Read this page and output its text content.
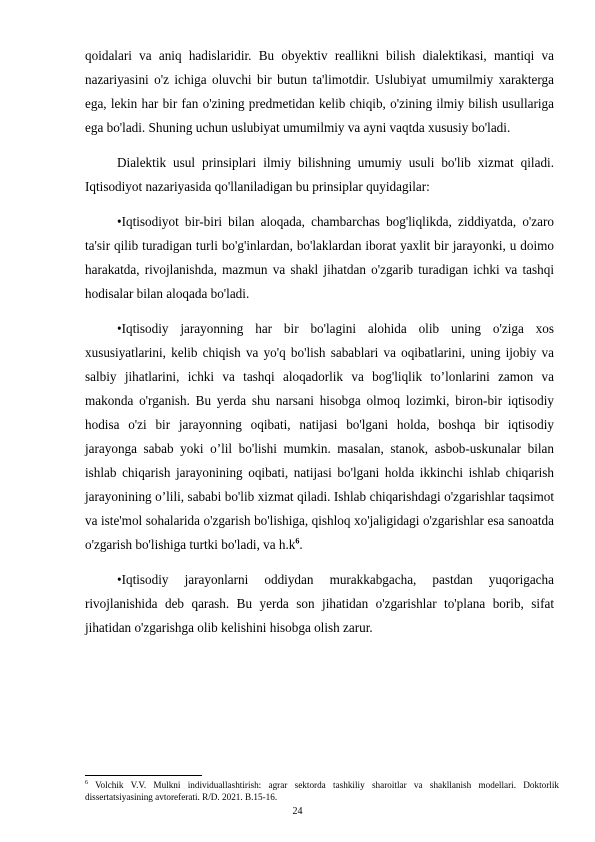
qoidalari va aniq hadislaridir. Bu obyektiv reallikni bilish dialektikasi, mantiqi va nazariyasini o'z ichiga oluvchi bir butun ta'limotdir. Uslubiyat umumilmiy xarakterga ega, lekin har bir fan o'zining predmetidan kelib chiqib, o'zining ilmiy bilish usullariga ega bo'ladi. Shuning uchun uslubiyat umumilmiy va ayni vaqtda xususiy bo'ladi.

Dialektik usul prinsiplari ilmiy bilishning umumiy usuli bo'lib xizmat qiladi. Iqtisodiyot nazariyasida qo'llaniladigan bu prinsiplar quyidagilar:

•Iqtisodiyot bir-biri bilan aloqada, chambarchas bog'liqlikda, ziddiyatda, o'zaro ta'sir qilib turadigan turli bo'g'inlardan, bo'laklardan iborat yaxlit bir jarayonki, u doimo harakatda, rivojlanishda, mazmun va shakl jihatdan o'zgarib turadigan ichki va tashqi hodisalar bilan aloqada bo'ladi.

•Iqtisodiy jarayonning har bir bo'lagini alohida olib uning o'ziga xos xususiyatlarini, kelib chiqish va yo'q bo'lish sabablari va oqibatlarini, uning ijobiy va salbiy jihatlarini, ichki va tashqi aloqadorlik va bog'liqlik to’lonlarini zamon va makonda o'rganish. Bu yerda shu narsani hisobga olmoq lozimki, biron-bir iqtisodiy hodisa o'zi bir jarayonning oqibati, natijasi bo'lgani holda, boshqa bir iqtisodiy jarayonga sabab yoki o’lil bo'lishi mumkin. masalan, stanok, asbob-uskunalar bilan ishlab chiqarish jarayonining oqibati, natijasi bo'lgani holda ikkinchi ishlab chiqarish jarayonining o’lili, sababi bo'lib xizmat qiladi. Ishlab chiqarishdagi o'zgarishlar taqsimot va iste'mol sohalarida o'zgarish bo'lishiga, qishloq xo'jaligidagi o'zgarishlar esa sanoatda o'zgarish bo'lishiga turtki bo'ladi, va h.k$^6$.

•Iqtisodiy jarayonlarni oddiydan murakkabgacha, pastdan yuqorigacha rivojlanishida deb qarash. Bu yerda son jihatidan o'zgarishlar to'plana borib, sifat jihatidan o'zgarishga olib kelishini hisobga olish zarur.

$^6$ Volchik V.V. Mulkni individuallashtirish: agrar sektorda tashkiliy sharoitlar va shakllanish modellari. Doktorlik dissertatsiyasining avtoreferati. R/D. 2021. B.15-16.
24
